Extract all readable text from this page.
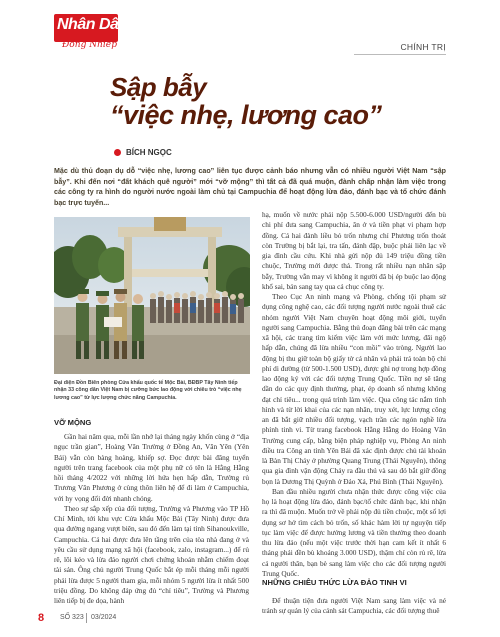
Nhân Dân
Đồng Nhiếp	CHÍNH TRỊ
Sập bẫy
“việc nhẹ, lương cao”
BÍCH NGỌC

Mặc dù thủ đoạn dụ dỗ “việc nhẹ, lương cao” liên tục được cảnh báo nhưng vẫn có nhiều người Việt Nam “sập bẫy”. Khi đến nơi “đất khách quê người” mới “vỡ mộng” thì tất cả đã quá muộn, đành chấp nhận làm việc trong các công ty ra hình do người nước ngoài làm chủ tại Campuchia để hoạt động lừa đảo, đánh bạc và tổ chức đánh bạc trực tuyến...

Đại diện Đồn Biên phòng Cửa khẩu quốc tế Mộc Bài, BĐBP Tây Ninh tiếp nhận 33 công dân Việt Nam bị cưỡng bức lao động với chiêu trò “việc nhẹ lương cao” từ lực lượng chức năng Campuchia.

VỠ MỘNG

Gần hai năm qua, mỗi lần nhớ lại tháng ngày khốn cùng ở “địa ngục trần gian”, Hoàng Văn Trường ở Đồng An, Văn Yên (Yên Bái) vẫn còn bàng hoàng, khiếp sợ. Đọc được bài đăng tuyển người trên trang facebook của một phụ nữ có tên là Hằng Hằng hồi tháng 4/2022 với những lời hứa hẹn hấp dẫn, Trường rủ Trương Văn Phương ở cùng thôn liên hệ để đi làm ở Campuchia, với hy vọng đổi đời nhanh chóng.

Theo sự sắp xếp của đối tượng, Trường và Phương vào TP Hồ Chí Minh, tới khu vực Cửa khẩu Mộc Bài (Tây Ninh) được đưa qua đường ngang vượt biên, sau đó đến làm tại tỉnh Sihanoukville, Campuchia. Cả hai được đưa lên tầng trên của tòa nhà đang ở và yêu cầu sử dụng mạng xã hội (facebook, zalo, instagram...) để rủ rê, lôi kéo và lừa đảo người chơi chứng khoán nhằm chiếm đoạt tài sản. Ông chủ người Trung Quốc bắt ép mỗi tháng mỗi người phải lừa được 5 người tham gia, mỗi nhóm 5 người lừa ít nhất 500 triệu đồng. Do không đáp ứng đủ “chỉ tiêu”, Trường và Phương liên tiếp bị đe dọa, hành

hạ, muốn về nước phải nộp 5.500-6.000 USD/người đến bù chi phí đưa sang Campuchia, ăn ở và tiền phạt vi phạm hợp đồng. Cả hai đành liều bỏ trốn nhưng chỉ Phương trốn thoát còn Trường bị bắt lại, tra tấn, đánh đập, buộc phải liên lạc về gia đình cầu cứu. Khi nhà gửi nộp đủ 149 triệu đồng tiền chuộc, Trường mới được thả. Trong rất nhiều nạn nhân sập bẫy, Trường vẫn may vì không ít người đã bị ép buộc lao động khổ sai, bán sang tay qua cả chục công ty.

Theo Cục An ninh mạng và Phòng, chống tội phạm sử dụng công nghệ cao, các đối tượng người nước ngoài thuê các nhóm người Việt Nam chuyên hoạt động môi giới, tuyển người sang Campuchia. Bằng thủ đoạn đăng bài trên các mạng xã hội, các trang tìm kiếm việc làm với mức lương, đãi ngộ hấp dẫn, chúng đã lừa nhiều “con mồi” vào tròng. Người lao động bị thu giữ toàn bộ giấy tờ cá nhân và phải trả toàn bộ chi phí di đường (từ 500-1.500 USD), được ghi nợ trong hợp đồng lao động ký với các đối tượng Trung Quốc. Tiền nợ sẽ tăng dần do các quy định thưởng, phạt, ép doanh số nhưng không đạt chỉ tiêu... trong quá trình làm việc. Qua công tác nắm tình hình và từ lời khai của các nạn nhân, truy xét, lực lượng công an đã bắt giữ nhiều đối tượng, vạch trần các ngón nghề lừa phỉnh tinh vi. Từ trang facebook Hằng Hằng do Hoàng Văn Trường cung cấp, bằng biện pháp nghiệp vụ, Phòng An ninh điều tra Công an tỉnh Yên Bái đã xác định được chủ tài khoản là Bàn Thị Chảy ở phường Quang Trung (Thái Nguyên), thông qua gia đình vận động Chảy ra đầu thú và sau đó bắt giữ đồng bọn là Dương Thị Quỳnh ở Đảo Xá, Phú Bình (Thái Nguyên).

Ban đầu nhiều người chưa nhận thức được công việc của họ là hoạt động lừa đảo, đánh bạc/tổ chức đánh bạc, khi nhận ra thì đã muộn. Muốn trở về phải nộp đủ tiền chuộc, một số lợi dụng sơ hở tìm cách bỏ trốn, số khác hàm lời tự nguyện tiếp tục làm việc để được hưởng lương và tiền thưởng theo doanh thu lừa đảo (nếu một việc trước thời hạn cam kết ít nhất 6 tháng phải đền bù khoảng 3.000 USD), thậm chí còn rủ rê, lừa cả người thân, bạn bè sang làm việc cho các đối tượng người Trung Quốc.

NHỮNG CHIÊU THỨC LỪA ĐẢO TINH VI

Để thuận tiện đưa người Việt Nam sang làm việc và né tránh sự quản lý của cảnh sát Campuchia, các đối tượng thuê

8 SỐ 323 03/2024
